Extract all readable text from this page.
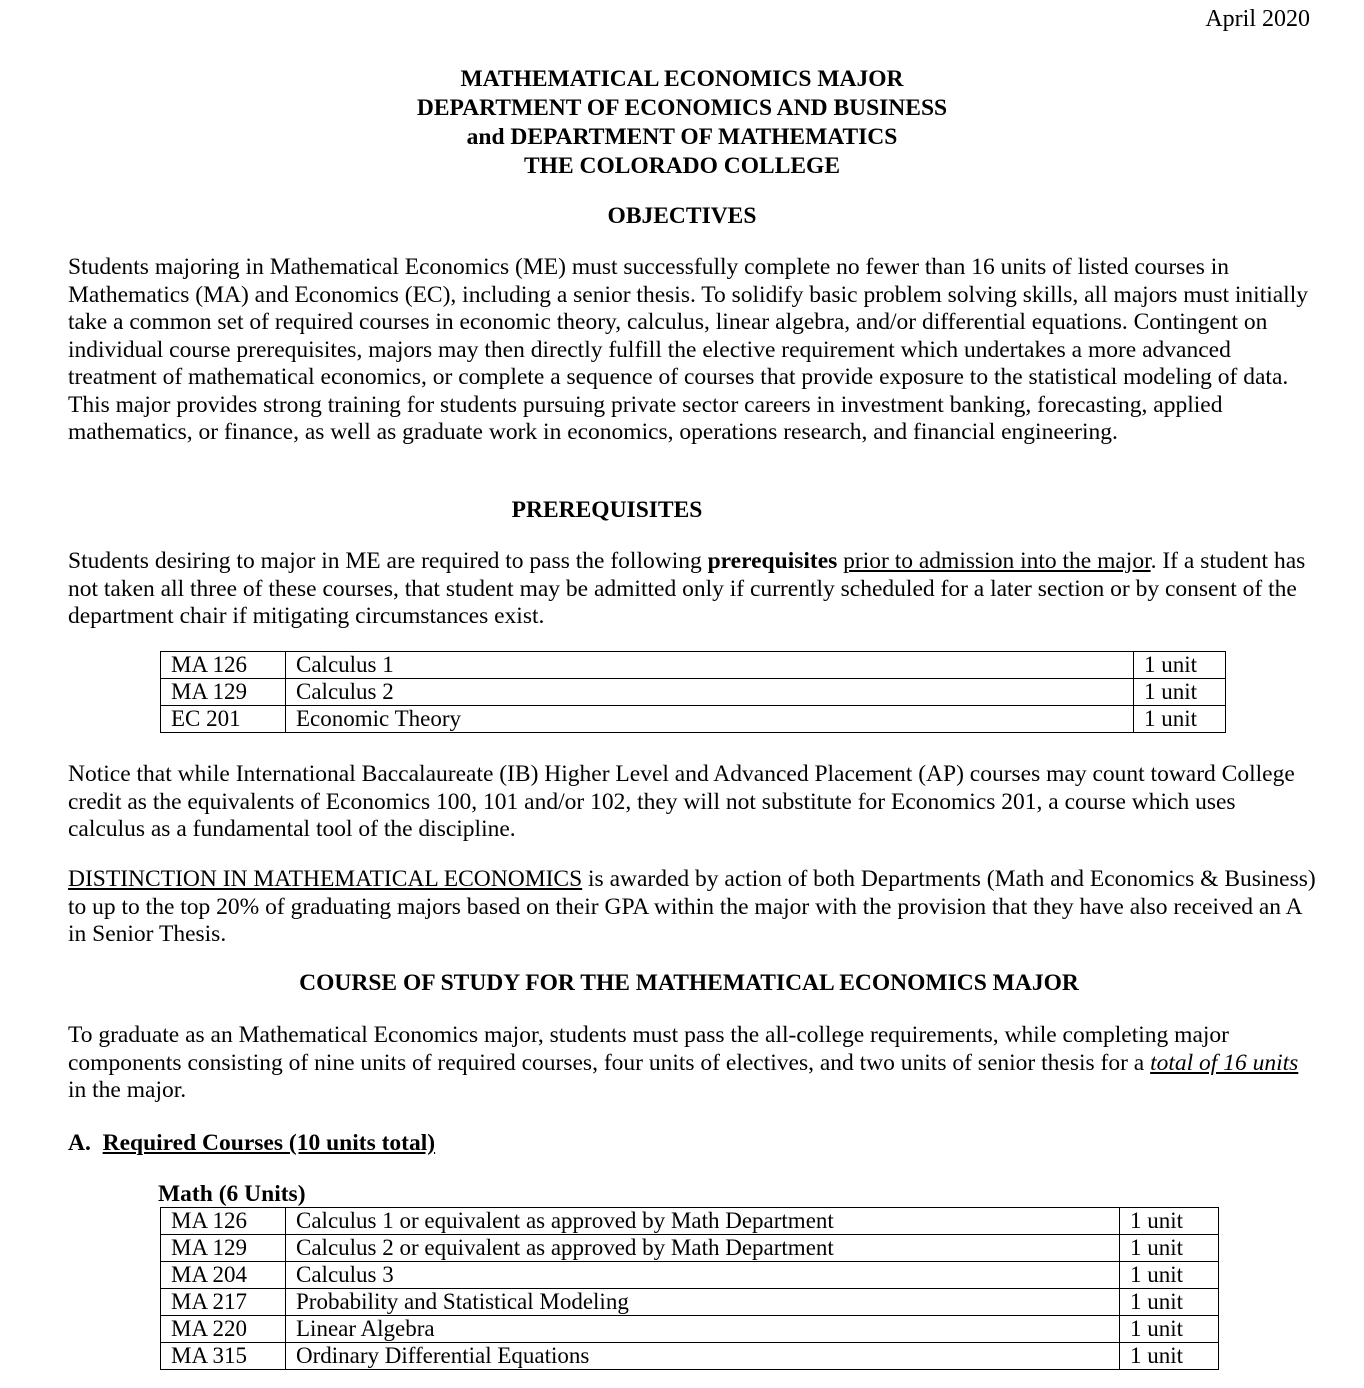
April 2020
MATHEMATICAL ECONOMICS MAJOR
DEPARTMENT OF ECONOMICS AND BUSINESS
and DEPARTMENT OF MATHEMATICS
THE COLORADO COLLEGE
OBJECTIVES

Students majoring in Mathematical Economics (ME) must successfully complete no fewer than 16 units of listed courses in Mathematics (MA) and Economics (EC), including a senior thesis. To solidify basic problem solving skills, all majors must initially take a common set of required courses in economic theory, calculus, linear algebra, and/or differential equations. Contingent on individual course prerequisites, majors may then directly fulfill the elective requirement which undertakes a more advanced treatment of mathematical economics, or complete a sequence of courses that provide exposure to the statistical modeling of data. This major provides strong training for students pursuing private sector careers in investment banking, forecasting, applied mathematics, or finance, as well as graduate work in economics, operations research, and financial engineering.

PREREQUISITES

Students desiring to major in ME are required to pass the following prerequisites prior to admission into the major. If a student has not taken all three of these courses, that student may be admitted only if currently scheduled for a later section or by consent of the department chair if mitigating circumstances exist.

MA 126	Calculus 1	1 unit
MA 129	Calculus 2	1 unit
EC 201	Economic Theory	1 unit

Notice that while International Baccalaureate (IB) Higher Level and Advanced Placement (AP) courses may count toward College credit as the equivalents of Economics 100, 101 and/or 102, they will not substitute for Economics 201, a course which uses calculus as a fundamental tool of the discipline.

DISTINCTION IN MATHEMATICAL ECONOMICS is awarded by action of both Departments (Math and Economics & Business) to up to the top 20% of graduating majors based on their GPA within the major with the provision that they have also received an A in Senior Thesis.

COURSE OF STUDY FOR THE MATHEMATICAL ECONOMICS MAJOR

To graduate as an Mathematical Economics major, students must pass the all-college requirements, while completing major components consisting of nine units of required courses, four units of electives, and two units of senior thesis for a total of 16 units in the major.

A. Required Courses (10 units total)
Math (6 Units)
MA 126	Calculus 1 or equivalent as approved by Math Department	1 unit
MA 129	Calculus 2 or equivalent as approved by Math Department	1 unit
MA 204	Calculus 3	1 unit
MA 217	Probability and Statistical Modeling	1 unit
MA 220	Linear Algebra	1 unit
MA 315	Ordinary Differential Equations	1 unit
